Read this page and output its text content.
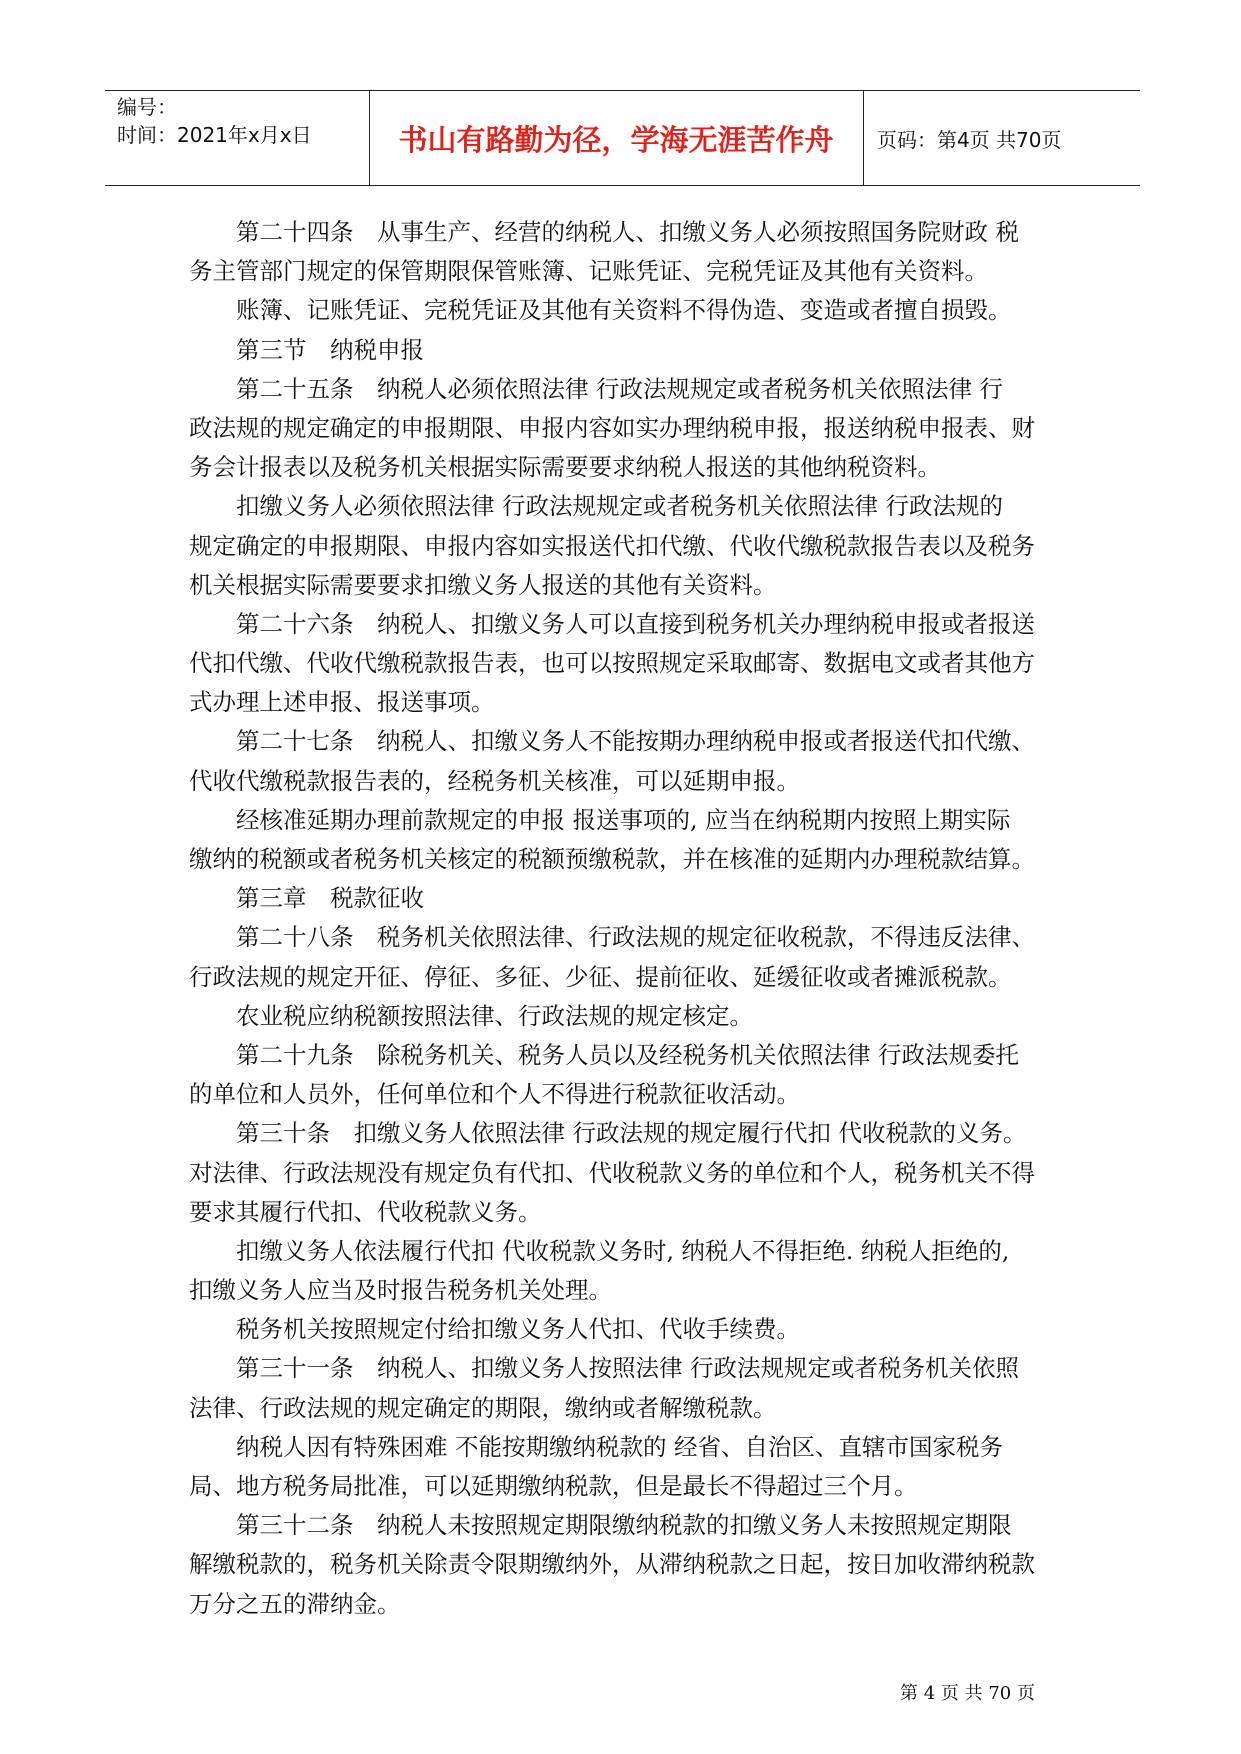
编号：
时间：2021年x月x日	书山有路勤为径，学海无涯苦作舟 页码：第4页 共70页
　　第二十四条　从事生产、经营的纳税人、扣缴义务人必须按照国务院财政 税
务主管部门规定的保管期限保管账簿、记账凭证、完税凭证及其他有关资料。
　　账簿、记账凭证、完税凭证及其他有关资料不得伪造、变造或者擅自损毁。
　　第三节　纳税申报
　　第二十五条　纳税人必须依照法律 行政法规规定或者税务机关依照法律 行
政法规的规定确定的申报期限、申报内容如实办理纳税申报，报送纳税申报表、财
务会计报表以及税务机关根据实际需要要求纳税人报送的其他纳税资料。
　　扣缴义务人必须依照法律 行政法规规定或者税务机关依照法律 行政法规的
规定确定的申报期限、申报内容如实报送代扣代缴、代收代缴税款报告表以及税务
机关根据实际需要要求扣缴义务人报送的其他有关资料。
　　第二十六条　纳税人、扣缴义务人可以直接到税务机关办理纳税申报或者报送
代扣代缴、代收代缴税款报告表，也可以按照规定采取邮寄、数据电文或者其他方
式办理上述申报、报送事项。
　　第二十七条　纳税人、扣缴义务人不能按期办理纳税申报或者报送代扣代缴、
代收代缴税款报告表的，经税务机关核准，可以延期申报。
　　经核准延期办理前款规定的申报 报送事项的, 应当在纳税期内按照上期实际
缴纳的税额或者税务机关核定的税额预缴税款，并在核准的延期内办理税款结算。
　　第三章　税款征收
　　第二十八条　税务机关依照法律、行政法规的规定征收税款，不得违反法律、
行政法规的规定开征、停征、多征、少征、提前征收、延缓征收或者摊派税款。
　　农业税应纳税额按照法律、行政法规的规定核定。
　　第二十九条　除税务机关、税务人员以及经税务机关依照法律 行政法规委托
的单位和人员外，任何单位和个人不得进行税款征收活动。
　　第三十条　扣缴义务人依照法律 行政法规的规定履行代扣 代收税款的义务。
对法律、行政法规没有规定负有代扣、代收税款义务的单位和个人，税务机关不得
要求其履行代扣、代收税款义务。
　　扣缴义务人依法履行代扣 代收税款义务时, 纳税人不得拒绝. 纳税人拒绝的,
扣缴义务人应当及时报告税务机关处理。
　　税务机关按照规定付给扣缴义务人代扣、代收手续费。
　　第三十一条　纳税人、扣缴义务人按照法律 行政法规规定或者税务机关依照
法律、行政法规的规定确定的期限，缴纳或者解缴税款。
　　纳税人因有特殊困难 不能按期缴纳税款的 经省、自治区、直辖市国家税务
局、地方税务局批准，可以延期缴纳税款，但是最长不得超过三个月。
　　第三十二条　纳税人未按照规定期限缴纳税款的扣缴义务人未按照规定期限
解缴税款的，税务机关除责令限期缴纳外，从滞纳税款之日起，按日加收滞纳税款
万分之五的滞纳金。
第 4 页 共 70 页
